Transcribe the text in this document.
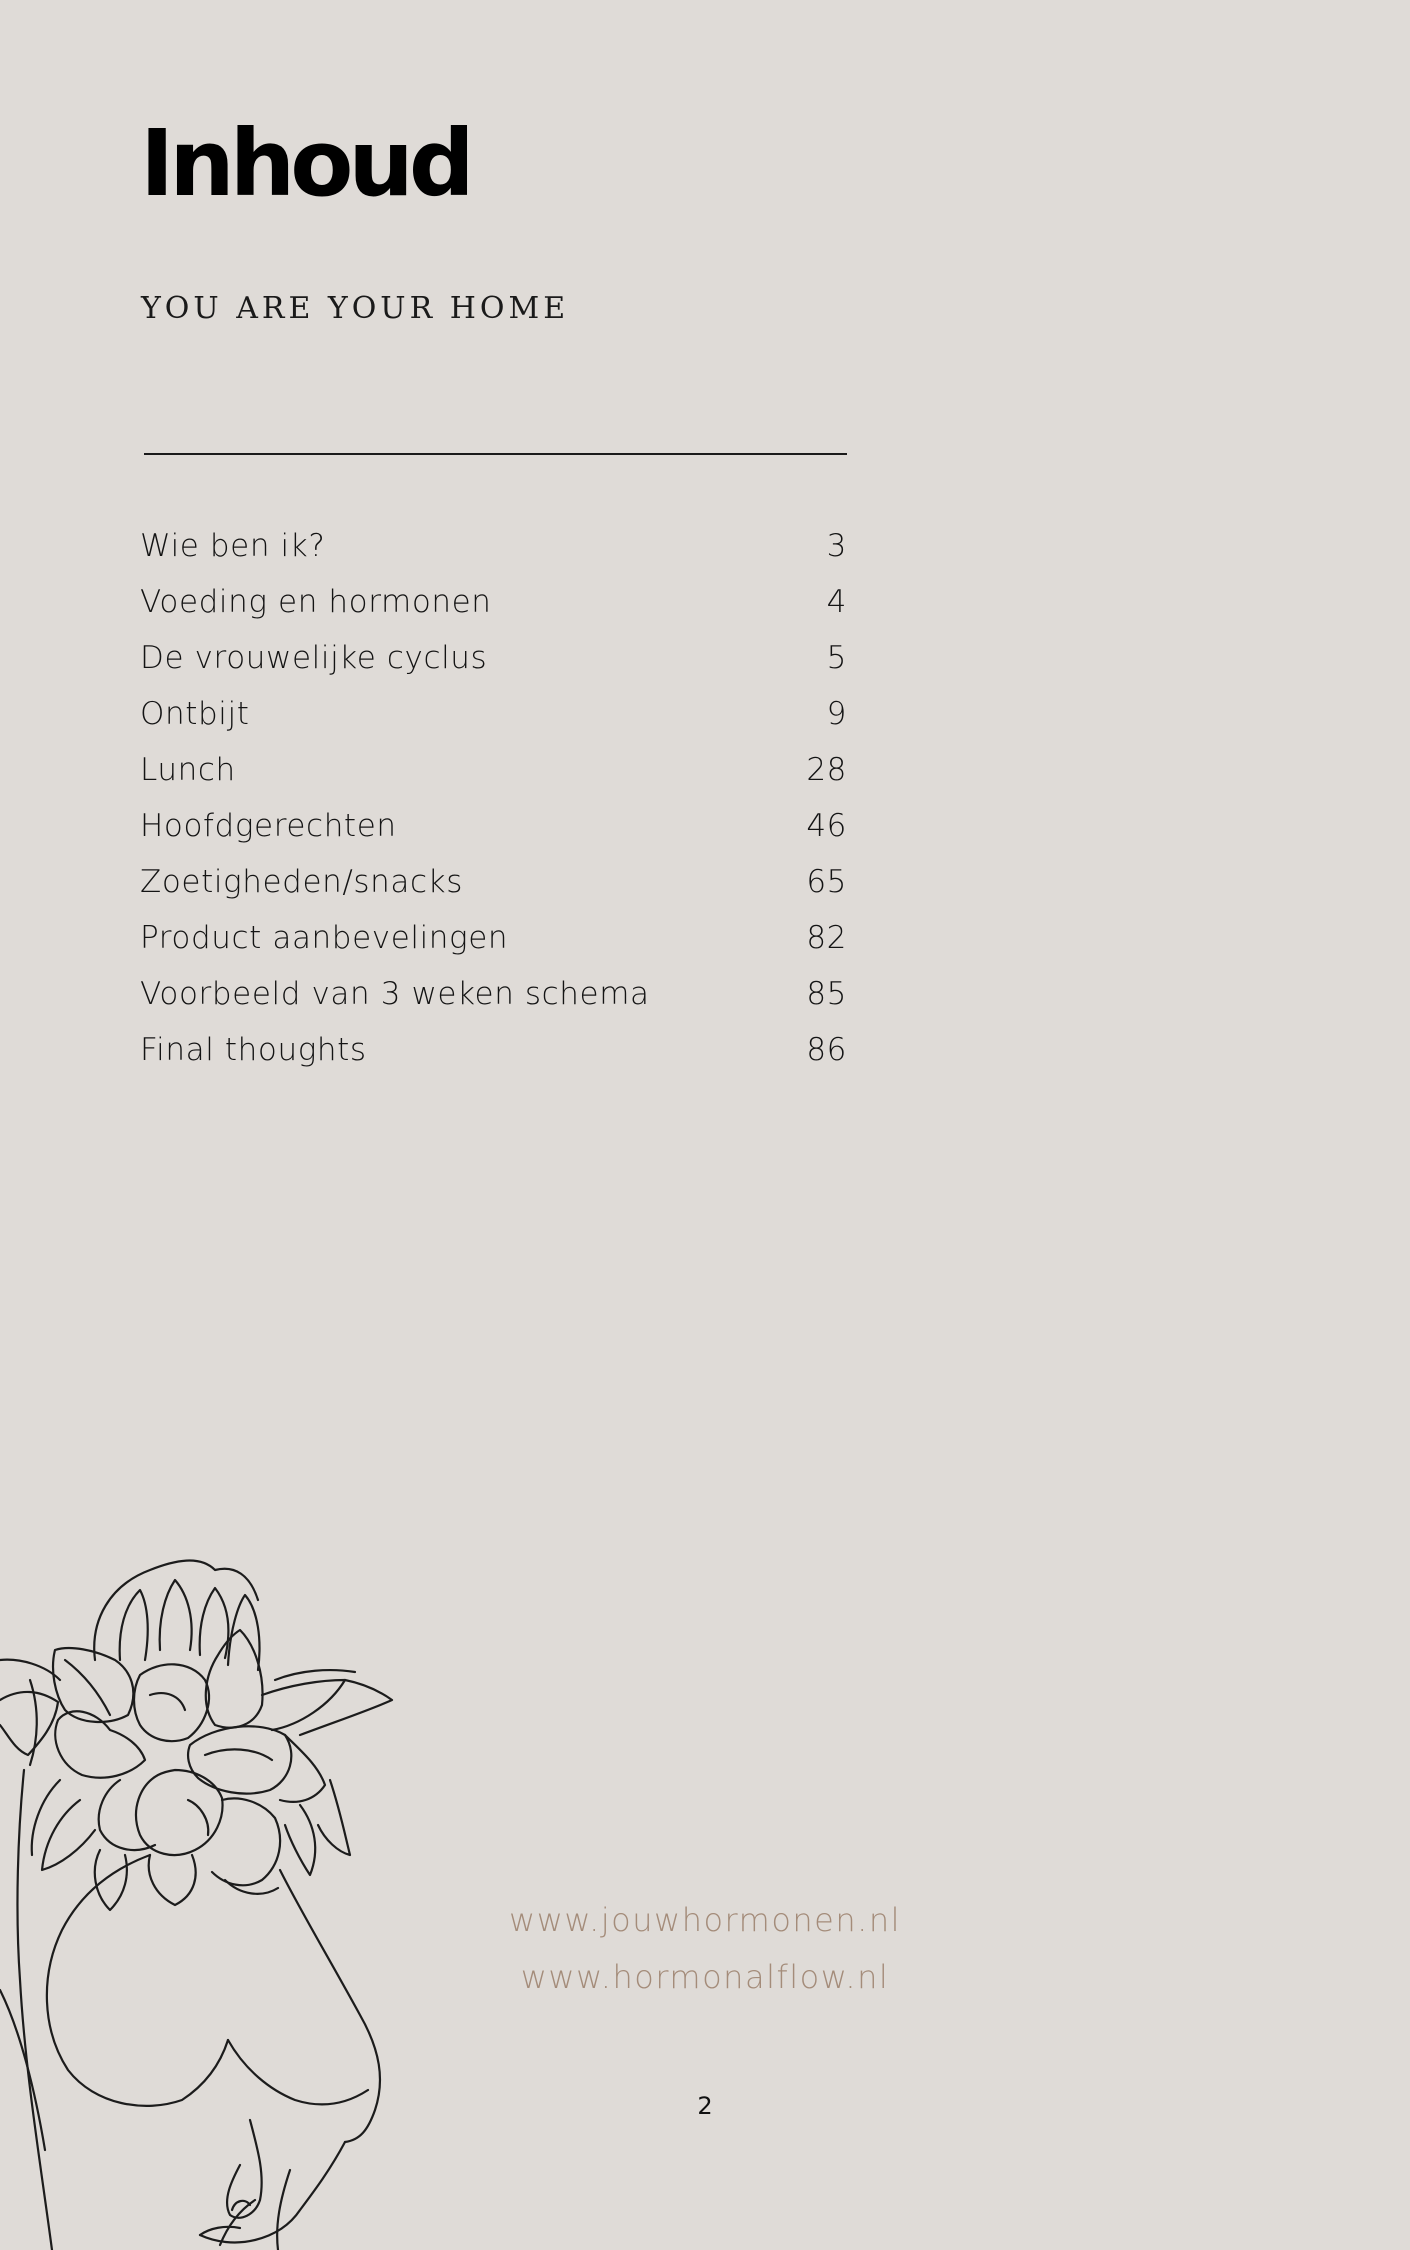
Inhoud
YOU ARE YOUR HOME
Wie ben ik?	3
Voeding en hormonen	4
De vrouwelijke cyclus	5
Ontbijt	9
Lunch	28
Hoofdgerechten	46
Zoetigheden/snacks	65
Product aanbevelingen	82
Voorbeeld van 3 weken schema	85
Final thoughts	86
www.jouwhormonen.nl
www.hormonalflow.nl
2
